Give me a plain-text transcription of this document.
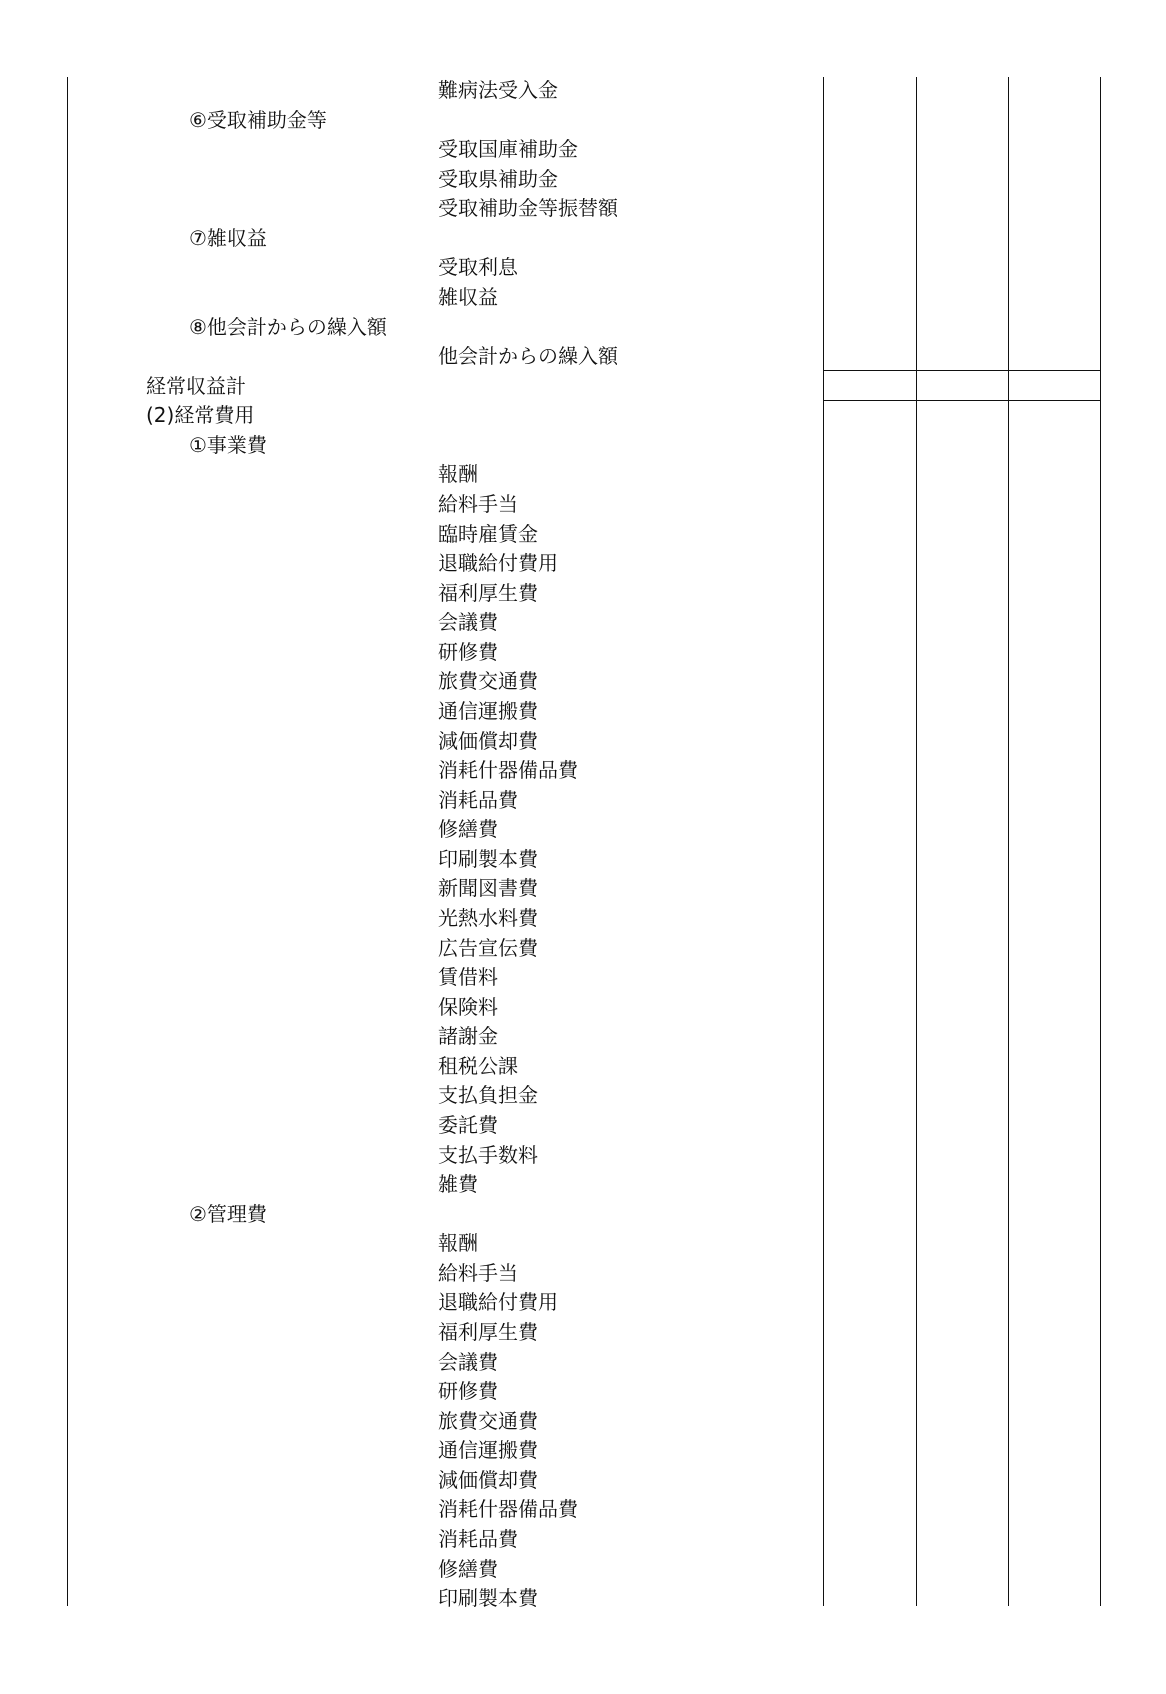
難病法受入金
⑥受取補助金等
受取国庫補助金
受取県補助金
受取補助金等振替額
⑦雑収益
受取利息
雑収益
⑧他会計からの繰入額
他会計からの繰入額
経常収益計
(2)経常費用
①事業費
報酬
給料手当
臨時雇賃金
退職給付費用
福利厚生費
会議費
研修費
旅費交通費
通信運搬費
減価償却費
消耗什器備品費
消耗品費
修繕費
印刷製本費
新聞図書費
光熱水料費
広告宣伝費
賃借料
保険料
諸謝金
租税公課
支払負担金
委託費
支払手数料
雑費
②管理費
報酬
給料手当
退職給付費用
福利厚生費
会議費
研修費
旅費交通費
通信運搬費
減価償却費
消耗什器備品費
消耗品費
修繕費
印刷製本費
